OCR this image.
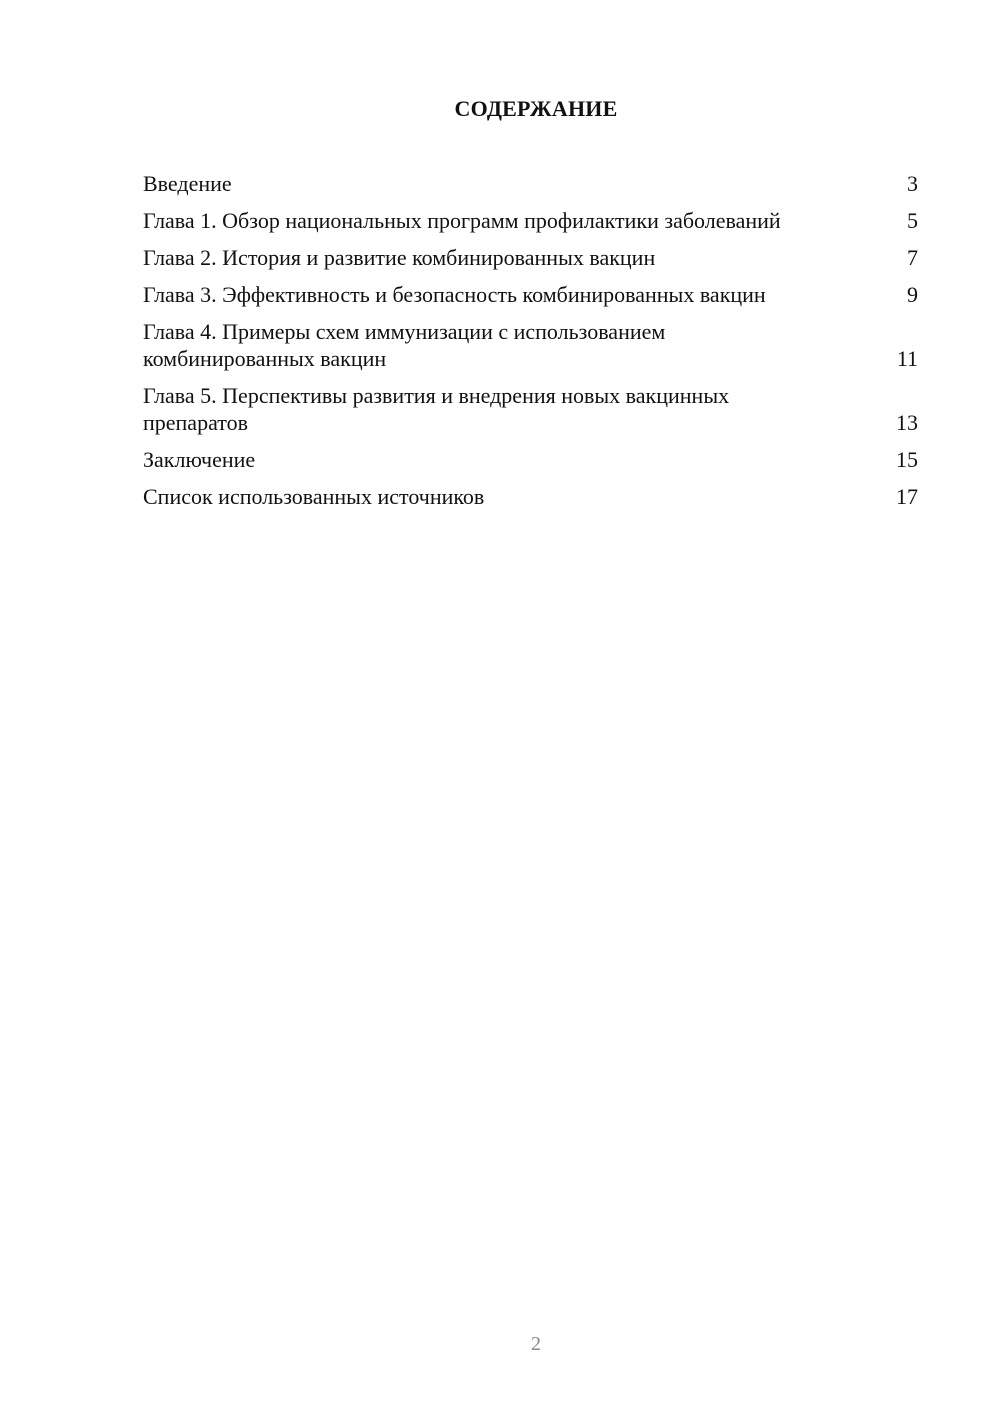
СОДЕРЖАНИЕ
Введение	3
Глава 1. Обзор национальных программ профилактики заболеваний	5
Глава 2. История и развитие комбинированных вакцин	7
Глава 3. Эффективность и безопасность комбинированных вакцин	9
Глава 4. Примеры схем иммунизации с использованием комбинированных вакцин	11
Глава 5. Перспективы развития и внедрения новых вакцинных препаратов	13
Заключение	15
Список использованных источников	17
2
